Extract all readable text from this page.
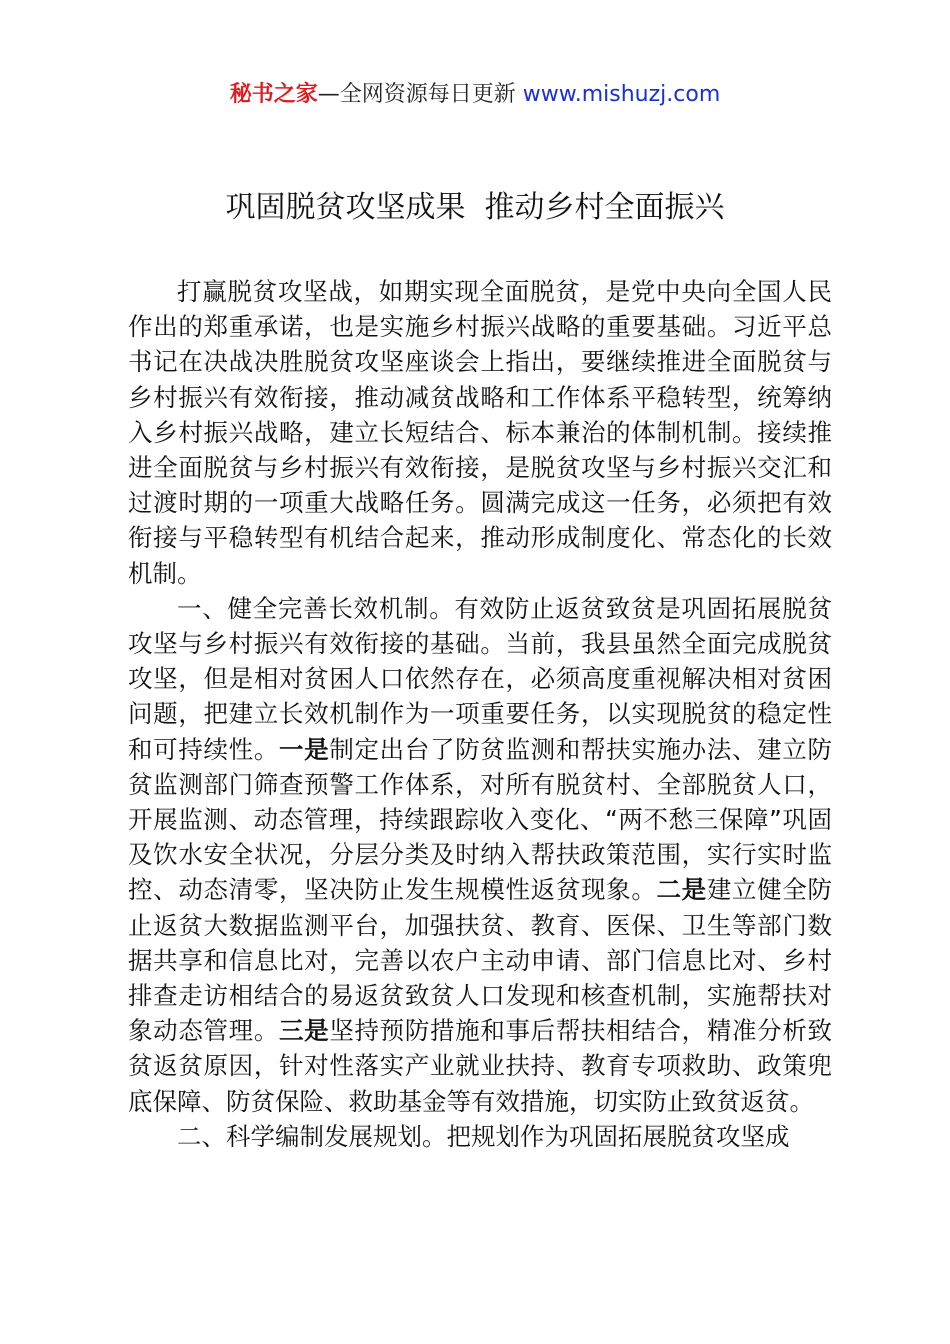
秘书之家—全网资源每日更新 www.mishuzj.com
巩固脱贫攻坚成果  推动乡村全面振兴

打赢脱贫攻坚战，如期实现全面脱贫，是党中央向全国人民作出的郑重承诺，也是实施乡村振兴战略的重要基础。习近平总书记在决战决胜脱贫攻坚座谈会上指出，要继续推进全面脱贫与乡村振兴有效衔接，推动减贫战略和工作体系平稳转型，统筹纳入乡村振兴战略，建立长短结合、标本兼治的体制机制。接续推进全面脱贫与乡村振兴有效衔接，是脱贫攻坚与乡村振兴交汇和过渡时期的一项重大战略任务。圆满完成这一任务，必须把有效衔接与平稳转型有机结合起来，推动形成制度化、常态化的长效机制。

一、健全完善长效机制。有效防止返贫致贫是巩固拓展脱贫攻坚与乡村振兴有效衔接的基础。当前，我县虽然全面完成脱贫攻坚，但是相对贫困人口依然存在，必须高度重视解决相对贫困问题，把建立长效机制作为一项重要任务，以实现脱贫的稳定性和可持续性。一是制定出台了防贫监测和帮扶实施办法、建立防贫监测部门筛查预警工作体系，对所有脱贫村、全部脱贫人口，开展监测、动态管理，持续跟踪收入变化、“两不愁三保障”巩固及饮水安全状况，分层分类及时纳入帮扶政策范围，实行实时监控、动态清零，坚决防止发生规模性返贫现象。二是建立健全防止返贫大数据监测平台，加强扶贫、教育、医保、卫生等部门数据共享和信息比对，完善以农户主动申请、部门信息比对、乡村排查走访相结合的易返贫致贫人口发现和核查机制，实施帮扶对象动态管理。三是坚持预防措施和事后帮扶相结合，精准分析致贫返贫原因，针对性落实产业就业扶持、教育专项救助、政策兜底保障、防贫保险、救助基金等有效措施，切实防止致贫返贫。

二、科学编制发展规划。把规划作为巩固拓展脱贫攻坚成
